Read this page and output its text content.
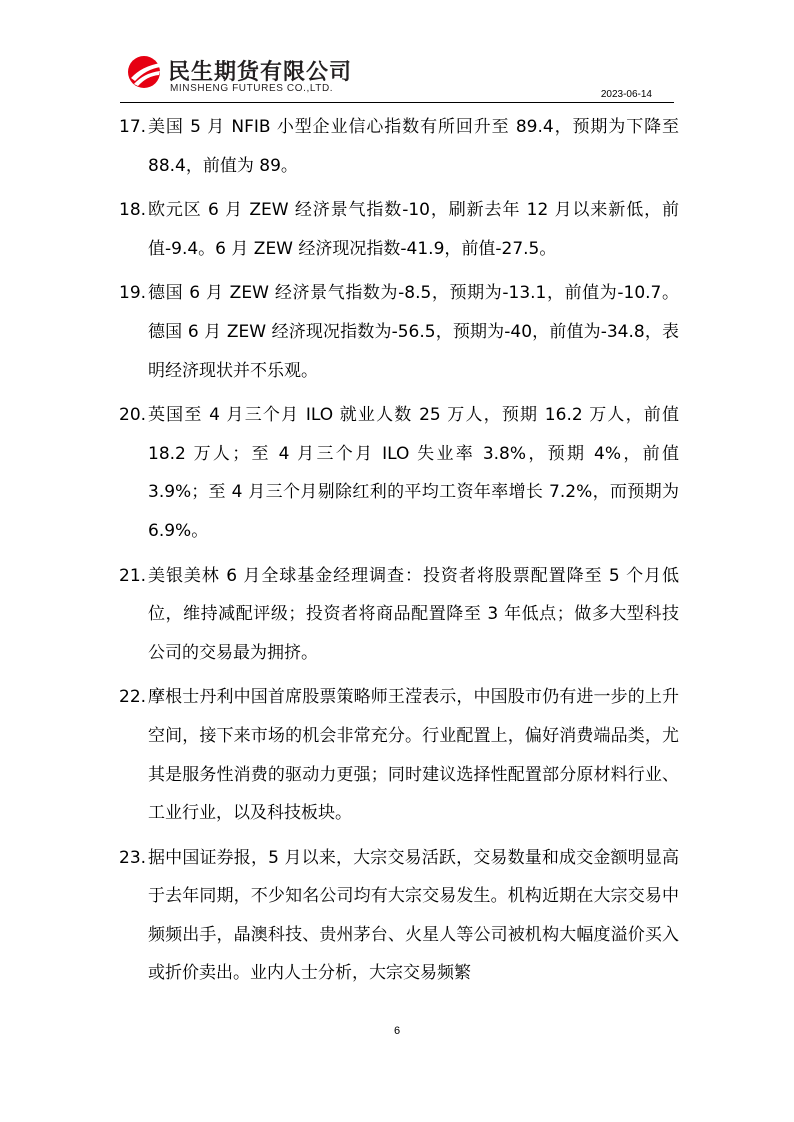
民生期货有限公司
MINSHENG FUTURES CO.,LTD.
2023-06-14
17. 美国 5 月 NFIB 小型企业信心指数有所回升至 89.4，预期为下降至 88.4，前值为 89。
18. 欧元区 6 月 ZEW 经济景气指数-10，刷新去年 12 月以来新低，前值-9.4。6 月 ZEW 经济现况指数-41.9，前值-27.5。
19. 德国 6 月 ZEW 经济景气指数为-8.5，预期为-13.1，前值为-10.7。德国 6 月 ZEW 经济现况指数为-56.5，预期为-40，前值为-34.8，表明经济现状并不乐观。
20. 英国至 4 月三个月 ILO 就业人数 25 万人，预期 16.2 万人，前值 18.2 万人；至 4 月三个月 ILO 失业率 3.8%，预期 4%，前值 3.9%；至 4 月三个月剔除红利的平均工资年率增长 7.2%，而预期为 6.9%。
21. 美银美林 6 月全球基金经理调查：投资者将股票配置降至 5 个月低位，维持减配评级；投资者将商品配置降至 3 年低点；做多大型科技公司的交易最为拥挤。
22. 摩根士丹利中国首席股票策略师王滢表示，中国股市仍有进一步的上升空间，接下来市场的机会非常充分。行业配置上，偏好消费端品类，尤其是服务性消费的驱动力更强；同时建议选择性配置部分原材料行业、工业行业，以及科技板块。
23. 据中国证券报，5 月以来，大宗交易活跃，交易数量和成交金额明显高于去年同期，不少知名公司均有大宗交易发生。机构近期在大宗交易中频频出手，晶澳科技、贵州茅台、火星人等公司被机构大幅度溢价买入或折价卖出。业内人士分析，大宗交易频繁
6
